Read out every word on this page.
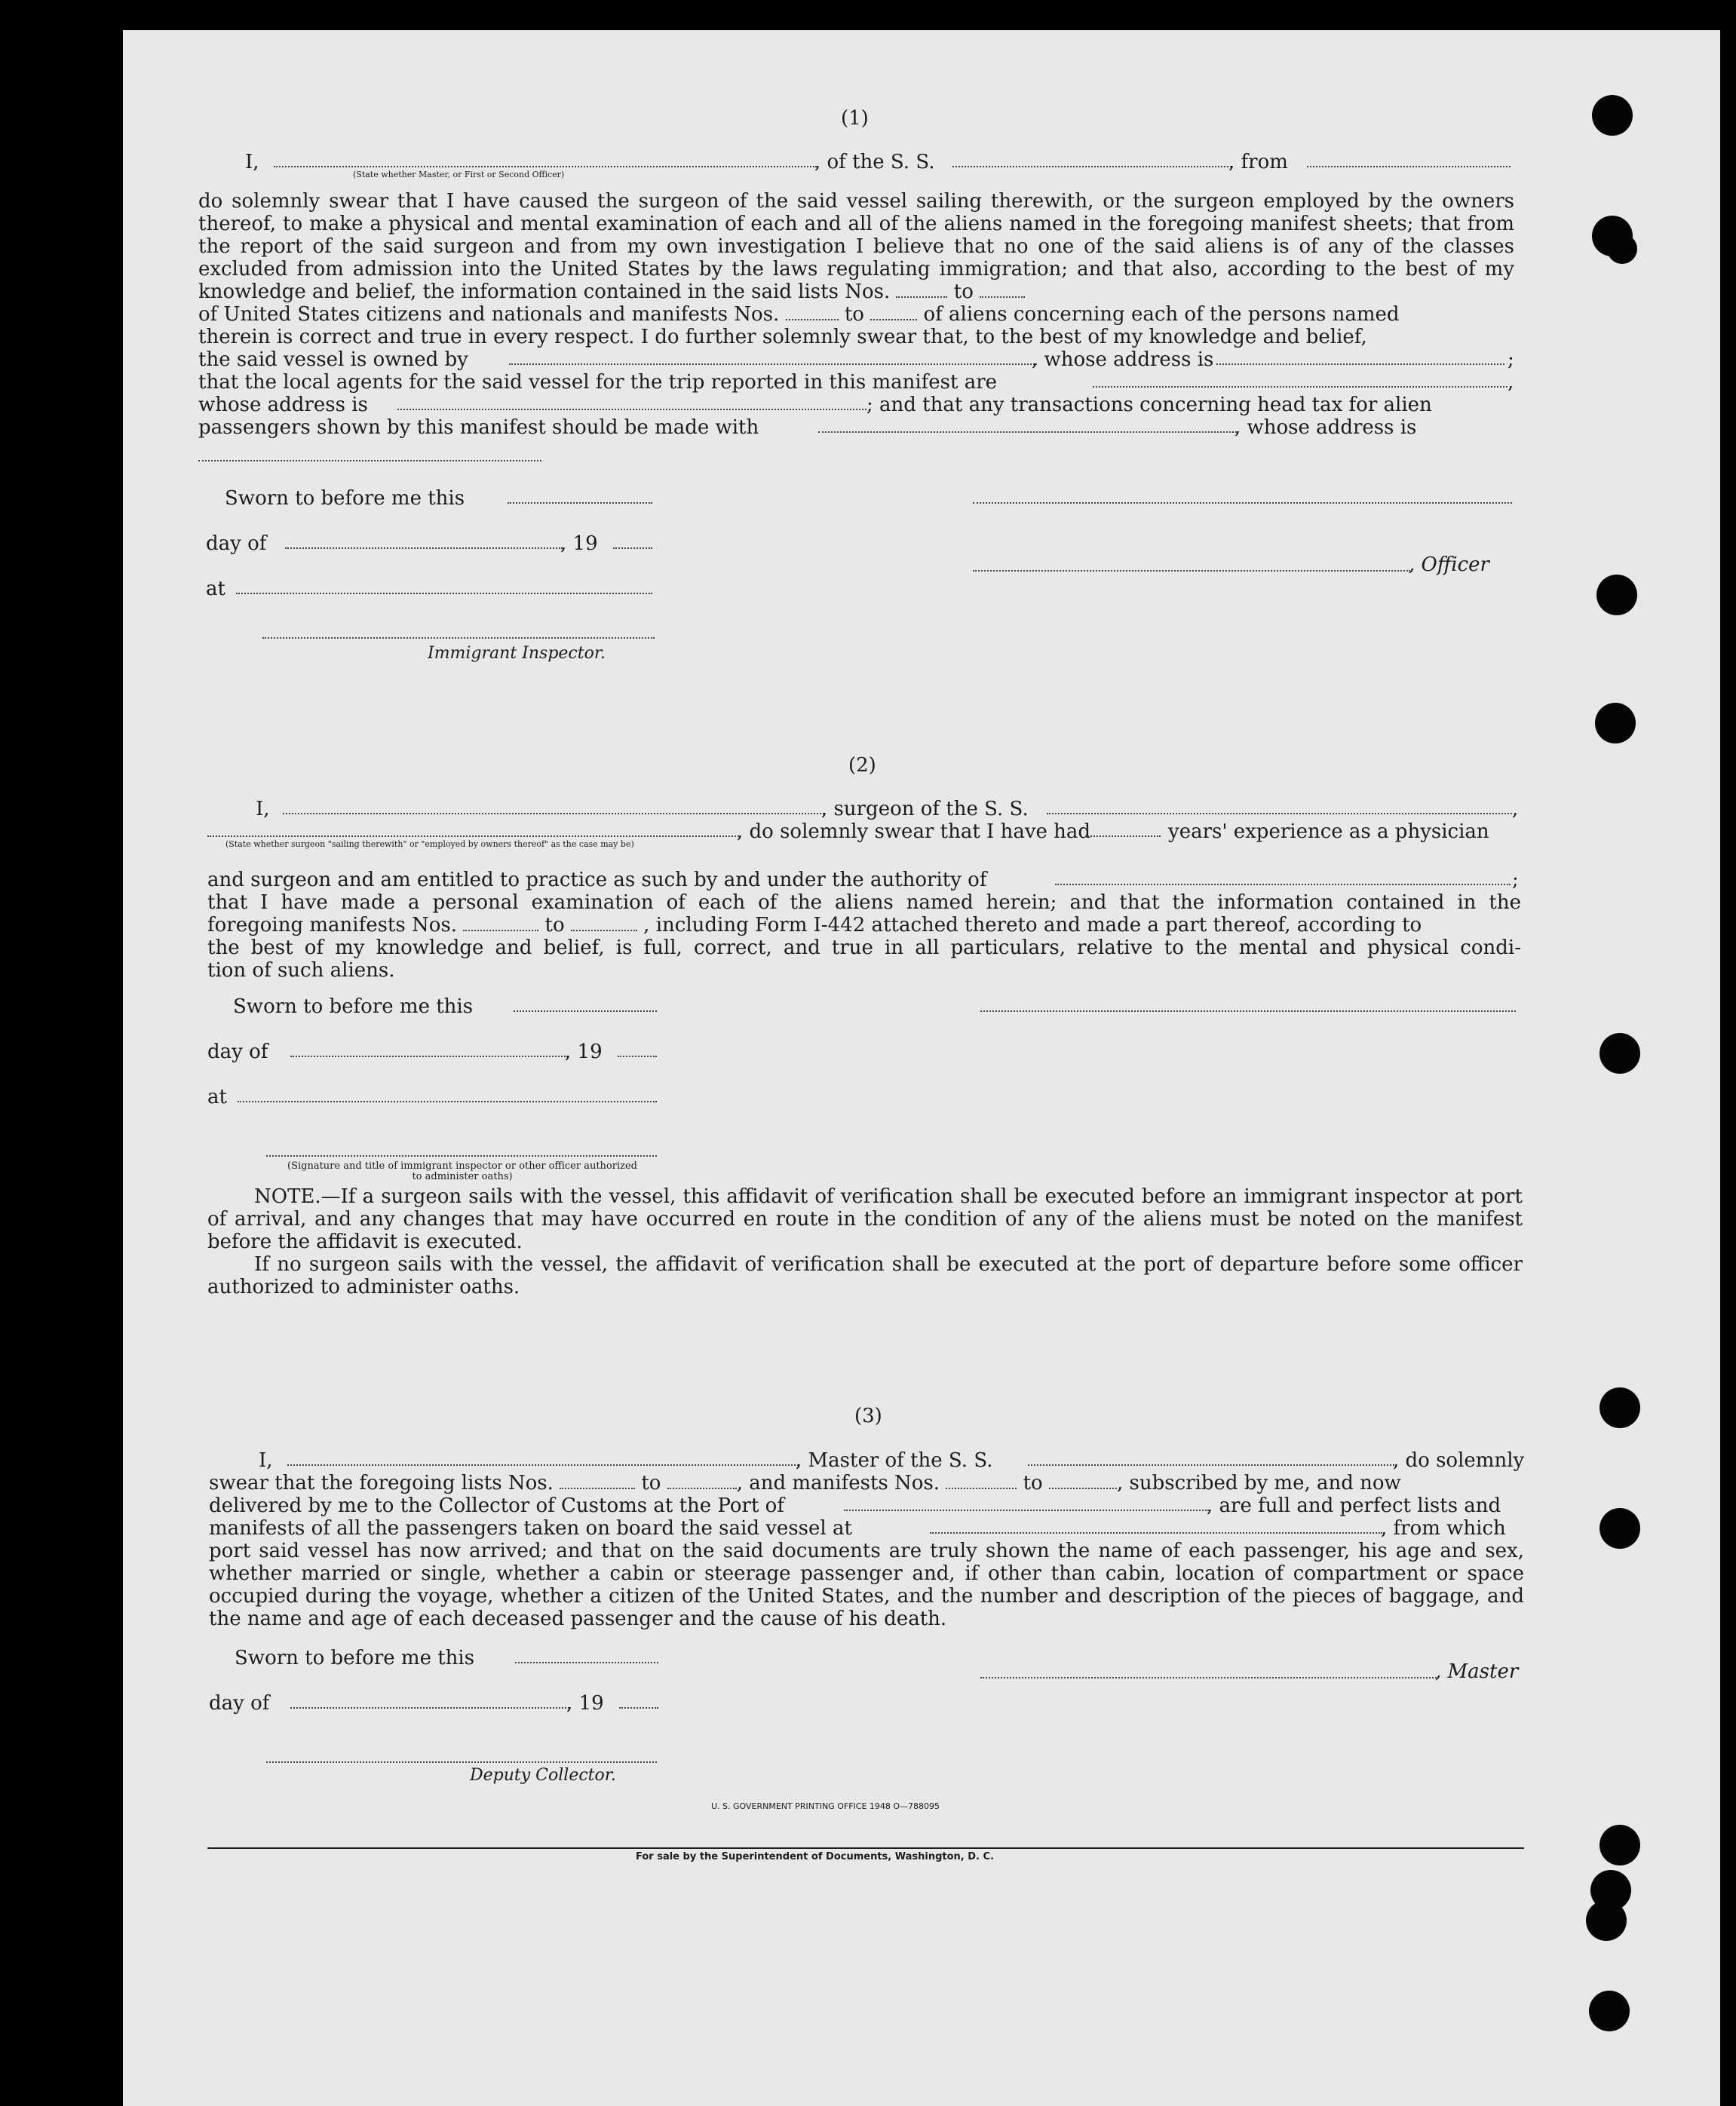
(1)
I,
(State whether Master, or First or Second Officer)
, of the S. S.	, from
do solemnly swear that I have caused the surgeon of the said vessel sailing therewith, or the surgeon employed by the owners thereof, to make a physical and mental examination of each and all of the aliens named in the foregoing manifest sheets; that from the report of the said surgeon and from my own investigation I believe that no one of the said aliens is of any of the classes excluded from admission into the United States by the laws regulating immigration; and that also, according to the best of my knowledge and belief, the information contained in the said lists Nos.	to
of United States citizens and nationals and manifests Nos.	to	of aliens concerning each of the persons named
therein is correct and true in every respect. I do further solemnly swear that, to the best of my knowledge and belief,
the said vessel is owned by	, whose address is	;
that the local agents for the said vessel for the trip reported in this manifest are	,
whose address is	; and that any transactions concerning head tax for alien
passengers shown by this manifest should be made with	, whose address is
Sworn to before me this
day of	, 19
, Officer
at
Immigrant Inspector.
(2)
I,	, surgeon of the S. S.	,
, do solemnly swear that I have had	years' experience as a physician
(State whether surgeon "sailing therewith" or "employed by owners thereof" as the case may be)
and surgeon and am entitled to practice as such by and under the authority of	;
that I have made a personal examination of each of the aliens named herein; and that the information contained in the
foregoing manifests Nos.	to	, including Form I-442 attached thereto and made a part thereof, according to
the best of my knowledge and belief, is full, correct, and true in all particulars, relative to the mental and physical condi-
tion of such aliens.
Sworn to before me this
day of	, 19
at
(Signature and title of immigrant inspector or other officer authorized to administer oaths)
NOTE.—If a surgeon sails with the vessel, this affidavit of verification shall be executed before an immigrant inspector at port of arrival, and any changes that may have occurred en route in the condition of any of the aliens must be noted on the manifest before the affidavit is executed.
If no surgeon sails with the vessel, the affidavit of verification shall be executed at the port of departure before some officer authorized to administer oaths.
(3)
I,	, Master of the S. S.	, do solemnly
swear that the foregoing lists Nos.	to	, and manifests Nos.	to	, subscribed by me, and now
delivered by me to the Collector of Customs at the Port of	, are full and perfect lists and
manifests of all the passengers taken on board the said vessel at	, from which
port said vessel has now arrived; and that on the said documents are truly shown the name of each passenger, his age and sex, whether married or single, whether a cabin or steerage passenger and, if other than cabin, location of compartment or space occupied during the voyage, whether a citizen of the United States, and the number and description of the pieces of baggage, and the name and age of each deceased passenger and the cause of his death.
Sworn to before me this
, Master
day of	, 19
Deputy Collector.
U. S. GOVERNMENT PRINTING OFFICE 1948 O—788095
For sale by the Superintendent of Documents, Washington, D. C.
